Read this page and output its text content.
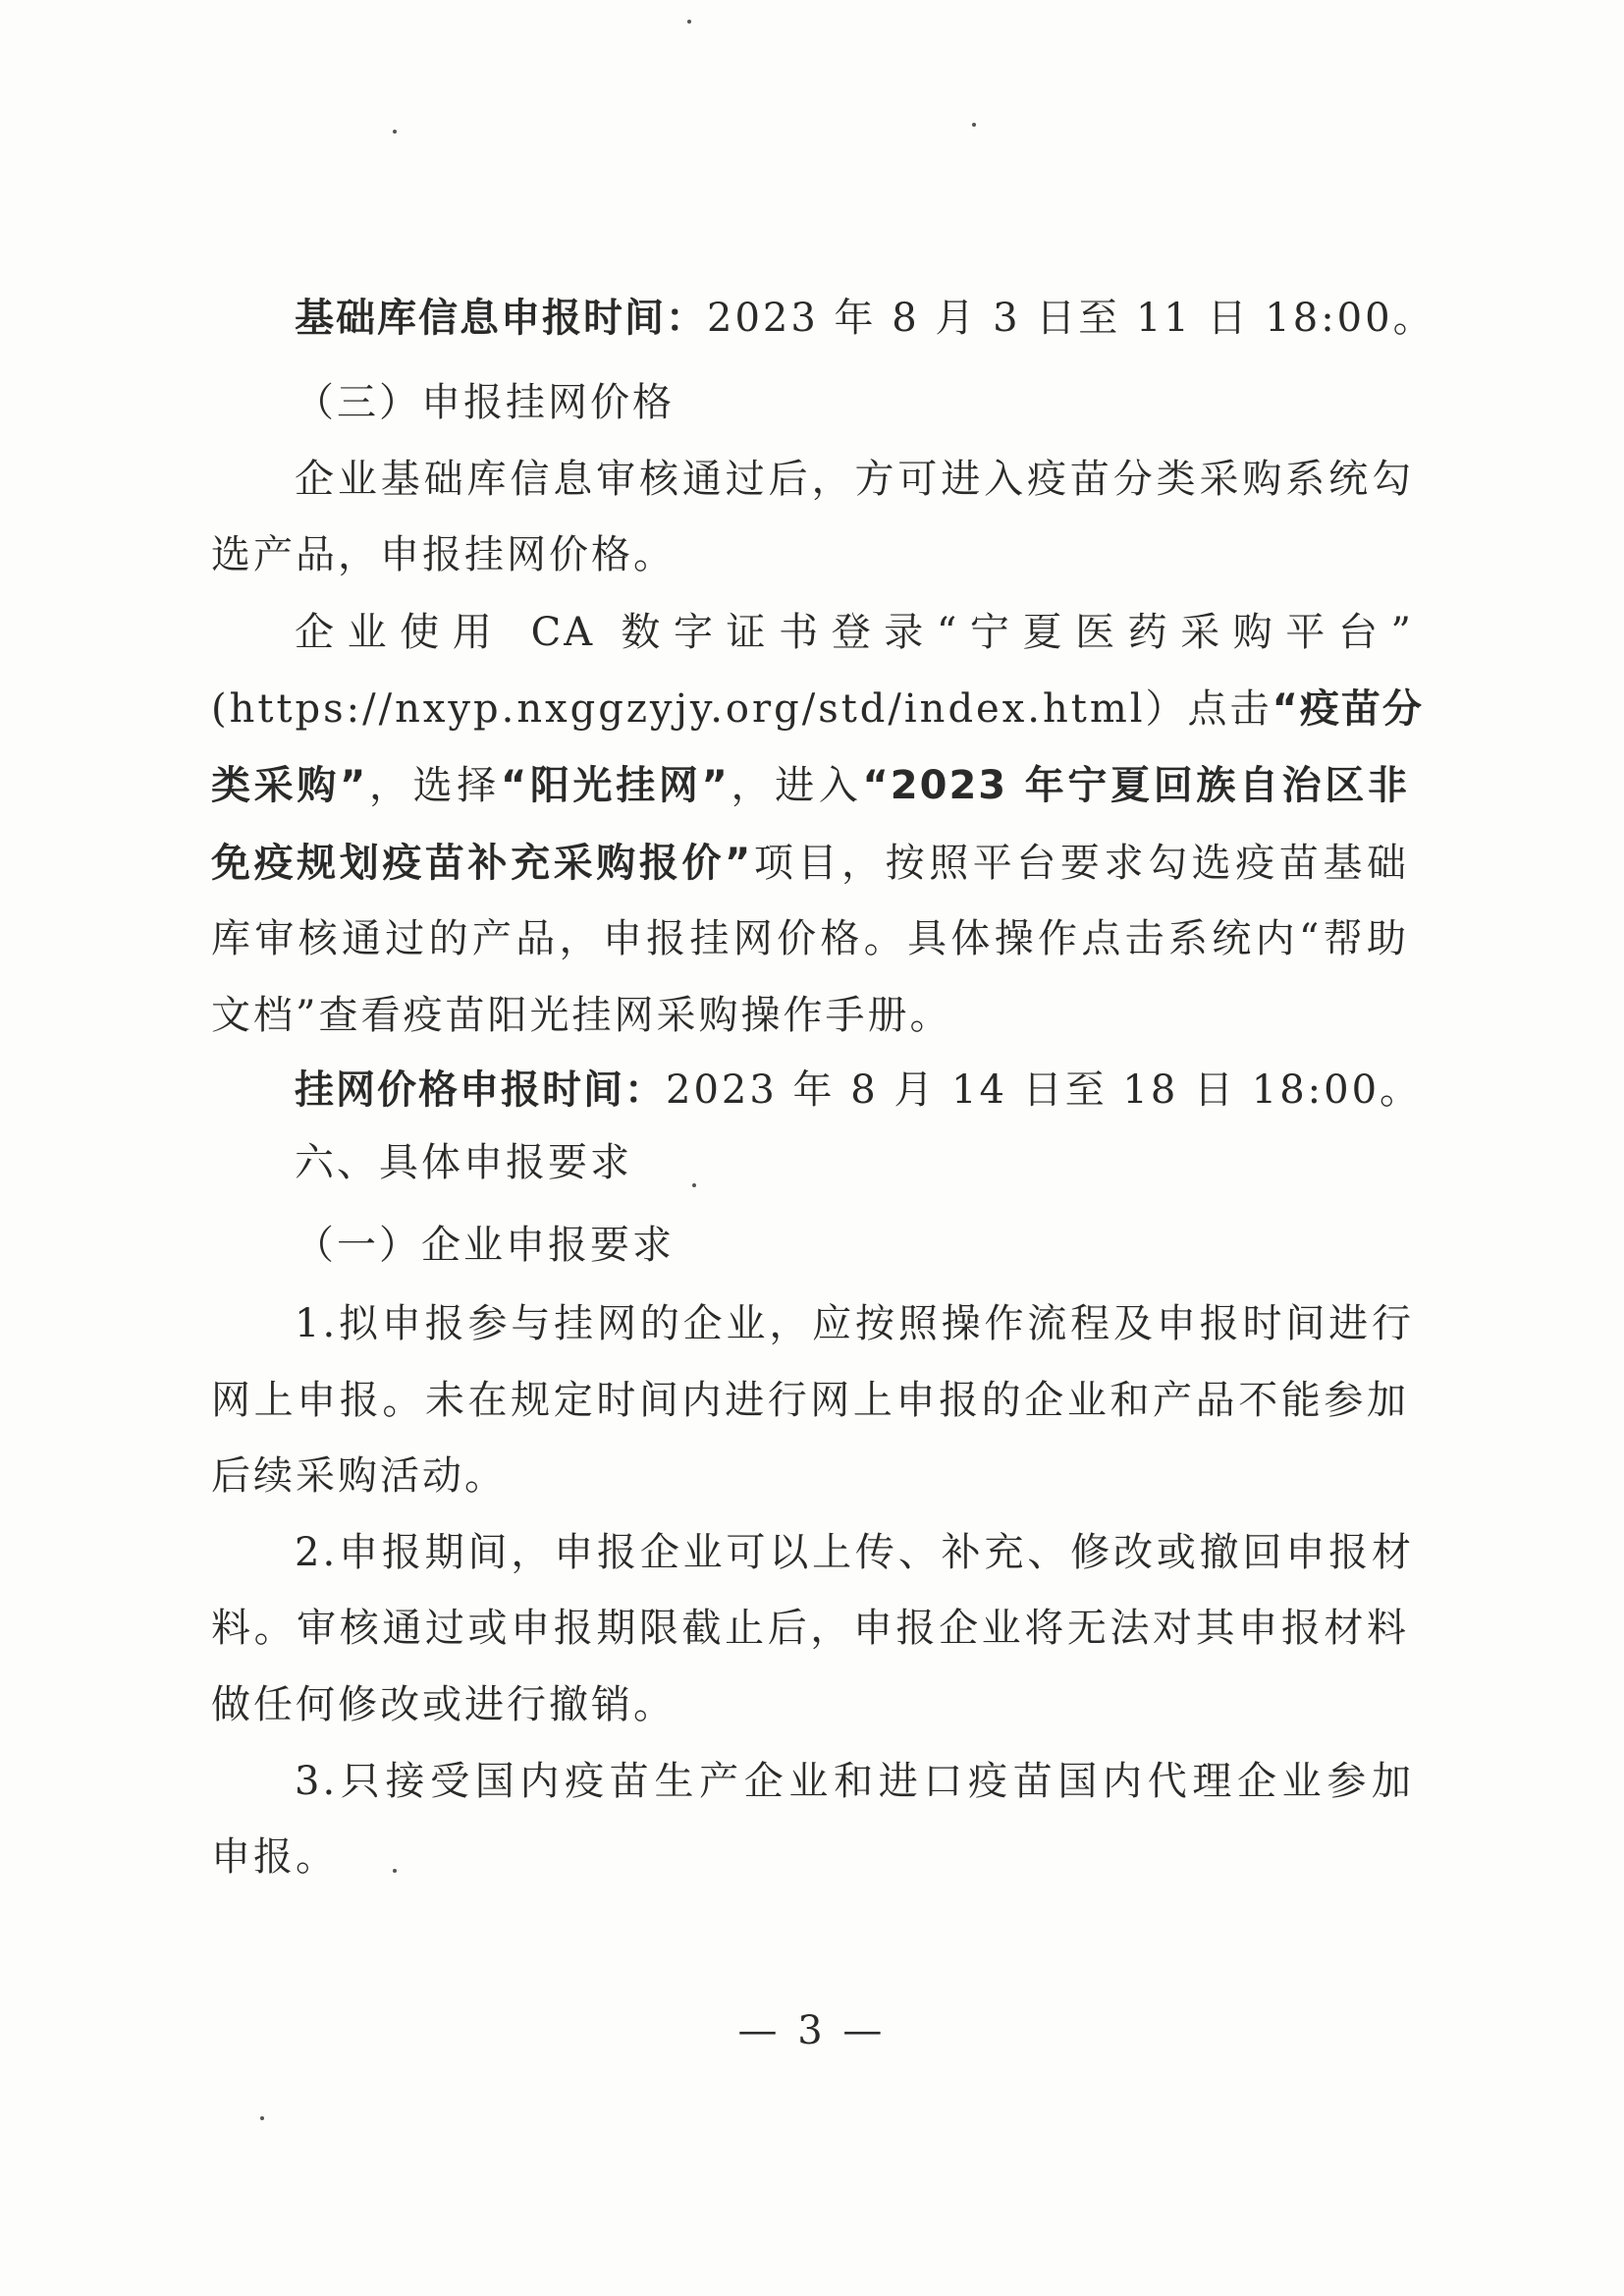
基础库信息申报时间：2023 年 8 月 3 日至 11 日 18:00。
（三）申报挂网价格
企业基础库信息审核通过后，方可进入疫苗分类采购系统勾
选产品，申报挂网价格。
企业使用 CA 数字证书登录“宁夏医药采购平台”
(https://nxyp.nxggzyjy.org/std/index.html）点击“疫苗分
类采购”，选择“阳光挂网”，进入“2023 年宁夏回族自治区非
免疫规划疫苗补充采购报价”项目，按照平台要求勾选疫苗基础
库审核通过的产品，申报挂网价格。具体操作点击系统内“帮助
文档”查看疫苗阳光挂网采购操作手册。
挂网价格申报时间：2023 年 8 月 14 日至 18 日 18:00。
六、具体申报要求
（一）企业申报要求
1.拟申报参与挂网的企业，应按照操作流程及申报时间进行
网上申报。未在规定时间内进行网上申报的企业和产品不能参加
后续采购活动。
2.申报期间，申报企业可以上传、补充、修改或撤回申报材
料。审核通过或申报期限截止后，申报企业将无法对其申报材料
做任何修改或进行撤销。
3.只接受国内疫苗生产企业和进口疫苗国内代理企业参加
申报。
— 3 —
